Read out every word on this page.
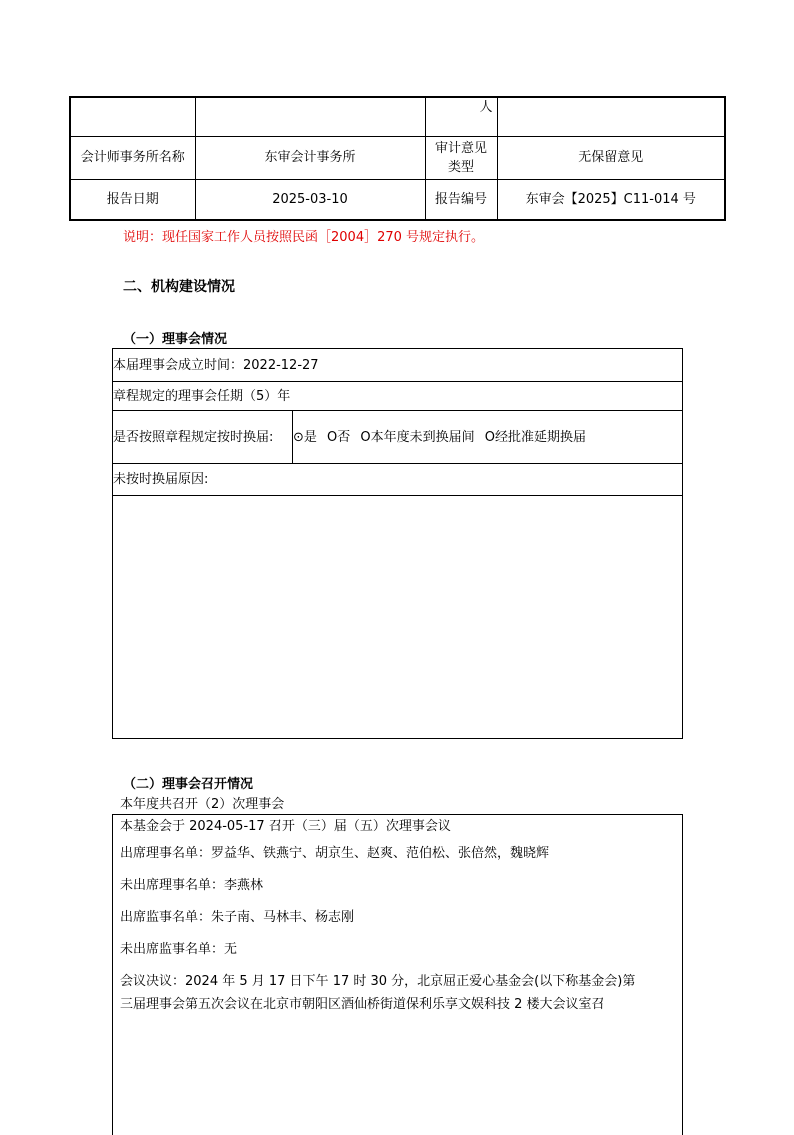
		人	
会计师事务所名称	东审会计事务所	审计意见类型	无保留意见
报告日期	2025-03-10	报告编号	东审会【2025】C11-014 号
说明：现任国家工作人员按照民函［2004］270 号规定执行。
二、机构建设情况
（一）理事会情况
本届理事会成立时间：2022-12-27
章程规定的理事会任期（5）年
是否按照章程规定按时换届:	⊙是 O否 O本年度未到换届间 O经批准延期换届
未按时换届原因:

（二）理事会召开情况
本年度共召开（2）次理事会
本基金会于 2024-05-17 召开（三）届（五）次理事会议
出席理事名单：罗益华、铁燕宁、胡京生、赵爽、范伯松、张倍然，魏晓辉
未出席理事名单：李燕林
出席监事名单：朱子南、马林丰、杨志刚
未出席监事名单：无
会议决议：2024 年 5 月 17 日下午 17 时 30 分，北京屈正爱心基金会(以下称基金会)第
三届理事会第五次会议在北京市朝阳区酒仙桥街道保利乐享文娱科技 2 楼大会议室召
